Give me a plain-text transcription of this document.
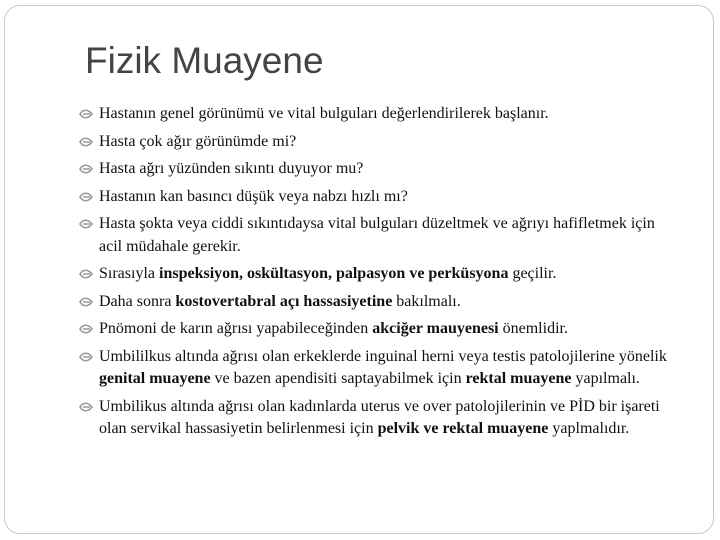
Fizik Muayene
Hastanın genel görünümü ve vital bulguları değerlendirilerek başlanır.
Hasta çok ağır görünümde mi?
Hasta ağrı yüzünden sıkıntı duyuyor mu?
Hastanın kan basıncı düşük veya nabzı hızlı mı?
Hasta şokta veya ciddi sıkıntıdaysa vital bulguları düzeltmek ve ağrıyı hafifletmek için acil müdahale gerekir.
Sırasıyla inspeksiyon, oskültasyon, palpasyon ve perküsyona geçilir.
Daha sonra kostovertabral açı hassasiyetine bakılmalı.
Pnömoni de karın ağrısı yapabileceğinden akciğer mauyenesi önemlidir.
Umbililkus altında ağrısı olan erkeklerde inguinal herni veya testis patolojilerine yönelik genital muayene ve bazen apendisiti saptayabilmek için rektal muayene yapılmalı.
Umbilikus altında ağrısı olan kadınlarda uterus ve over patolojilerinin ve PİD bir işareti olan servikal hassasiyetin belirlenmesi için pelvik ve rektal muayene yaplmalıdır.
